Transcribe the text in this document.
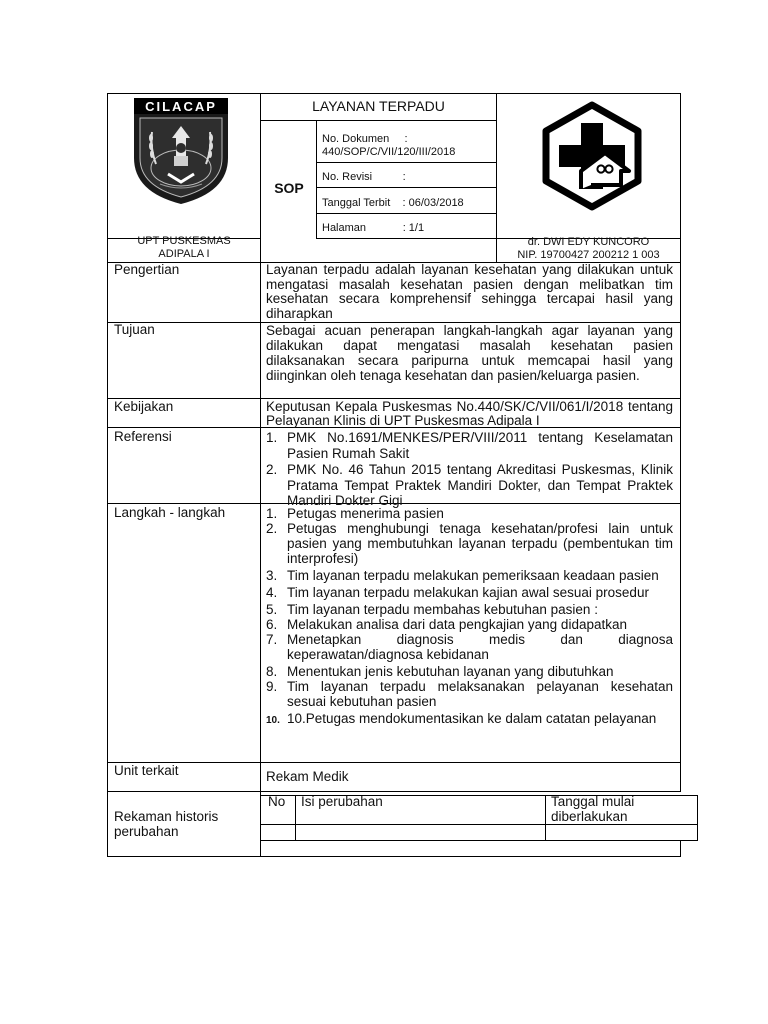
CILACAP
UPT PUSKESMAS
ADIPALA I
LAYANAN TERPADU
SOP
No. Dokumen     :
440/SOP/C/VII/120/III/2018
No. Revisi          :
Tanggal Terbit    : 06/03/2018
Halaman            : 1/1
dr. DWI EDY KUNCORO
NIP. 19700427 200212 1 003
Pengertian	Layanan terpadu adalah layanan kesehatan yang dilakukan untuk mengatasi masalah kesehatan pasien dengan melibatkan tim kesehatan secara komprehensif sehingga tercapai hasil yang diharapkan
Tujuan	Sebagai acuan penerapan langkah-langkah agar layanan yang dilakukan dapat mengatasi masalah kesehatan pasien dilaksanakan secara paripurna untuk memcapai hasil yang diinginkan oleh tenaga kesehatan dan pasien/keluarga pasien.
Kebijakan	Keputusan Kepala Puskesmas No.440/SK/C/VII/061/I/2018 tentang Pelayanan Klinis di UPT Puskesmas Adipala I
Referensi	1. PMK No.1691/MENKES/PER/VIII/2011 tentang Keselamatan Pasien Rumah Sakit
2. PMK No. 46 Tahun 2015 tentang Akreditasi Puskesmas, Klinik Pratama Tempat Praktek Mandiri Dokter, dan Tempat Praktek Mandiri Dokter Gigi
Langkah - langkah	1. Petugas menerima pasien
2. Petugas menghubungi tenaga kesehatan/profesi lain untuk pasien yang membutuhkan layanan terpadu (pembentukan tim interprofesi)
3. Tim layanan terpadu melakukan pemeriksaan keadaan pasien
4. Tim layanan terpadu melakukan kajian awal sesuai prosedur
5. Tim layanan terpadu membahas kebutuhan pasien :
6. Melakukan analisa dari data pengkajian yang didapatkan
7. Menetapkan diagnosis medis dan diagnosa keperawatan/diagnosa kebidanan
8. Menentukan jenis kebutuhan layanan yang dibutuhkan
9. Tim layanan terpadu melaksanakan pelayanan kesehatan sesuai kebutuhan pasien
10. 10.Petugas mendokumentasikan ke dalam catatan pelayanan
Unit terkait	Rekam Medik
Rekaman historis perubahan
No Isi perubahan	Tanggal mulai diberlakukan
